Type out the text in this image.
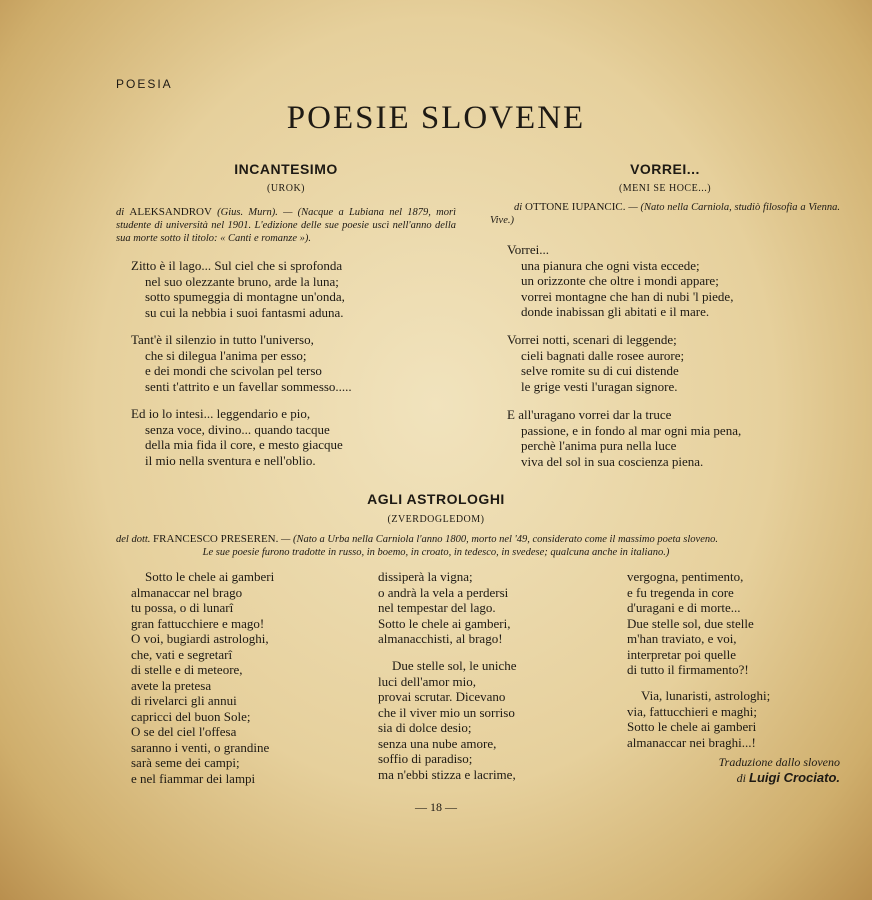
POESIA
POESIE SLOVENE
INCANTESIMO
(UROK)
di ALEKSANDROV (Gius. Murn). — (Nacque a Lubiana nel 1879, morì studente di università nel 1901. L'edizione delle sue poesie uscì nell'anno della sua morte sotto il titolo: « Canti e romanze »).
Zitto è il lago... Sul ciel che si sprofonda
nel suo olezzante bruno, arde la luna;
sotto spumeggia di montagne un'onda,
su cui la nebbia i suoi fantasmi aduna.
Tant'è il silenzio in tutto l'universo,
che si dilegua l'anima per esso;
e dei mondi che scivolan pel terso
senti t'attrito e un favellar sommesso.....
Ed io lo intesi... leggendario e pio,
senza voce, divino... quando tacque
della mia fida il core, e mesto giacque
il mio nella sventura e nell'oblio.
VORREI...
(MENI SE HOCE...)
di OTTONE IUPANCIC. — (Nato nella Carniola, studiò filosofia a Vienna. Vive.)
Vorrei...
una pianura che ogni vista eccede;
un orizzonte che oltre i mondi appare;
vorrei montagne che han di nubi 'l piede,
donde inabissan gli abitati e il mare.
Vorrei notti, scenari di leggende;
cieli bagnati dalle rosee aurore;
selve romite su di cui distende
le grige vesti l'uragan signore.
E all'uragano vorrei dar la truce
passione, e in fondo al mar ogni mia pena,
perchè l'anima pura nella luce
viva del sol in sua coscienza piena.
AGLI ASTROLOGHI
(ZVERDOGLEDOM)
del dott. FRANCESCO PRESEREN. — (Nato a Urba nella Carniola l'anno 1800, morto nel '49, considerato come il massimo poeta sloveno.
Le sue poesie furono tradotte in russo, in boemo, in croato, in tedesco, in svedese; qualcuna anche in italiano.)
Sotto le chele ai gamberi
almanaccar nel brago
tu possa, o di lunarî
gran fattucchiere e mago!
O voi, bugiardi astrologhi,
che, vati e segretarî
di stelle e di meteore,
avete la pretesa
di rivelarci gli annui
capricci del buon Sole;
O se del ciel l'offesa
saranno i venti, o grandine
sarà seme dei campi;
e nel fiammar dei lampi
dissiperà la vigna;
o andrà la vela a perdersi
nel tempestar del lago.
Sotto le chele ai gamberi,
almanacchisti, al brago!
Due stelle sol, le uniche
luci dell'amor mio,
provai scrutar. Dicevano
che il viver mio un sorriso
sia di dolce desio;
senza una nube amore,
soffio di paradiso;
ma n'ebbi stizza e lacrime,
vergogna, pentimento,
e fu tregenda in core
d'uragani e di morte...
Due stelle sol, due stelle
m'han traviato, e voi,
interpretar poi quelle
di tutto il firmamento?!
Via, lunaristi, astrologhi;
via, fattucchieri e maghi;
Sotto le chele ai gamberi
almanaccar nei braghi...!
Traduzione dallo sloveno
di Luigi Crociato.
— 18 —
